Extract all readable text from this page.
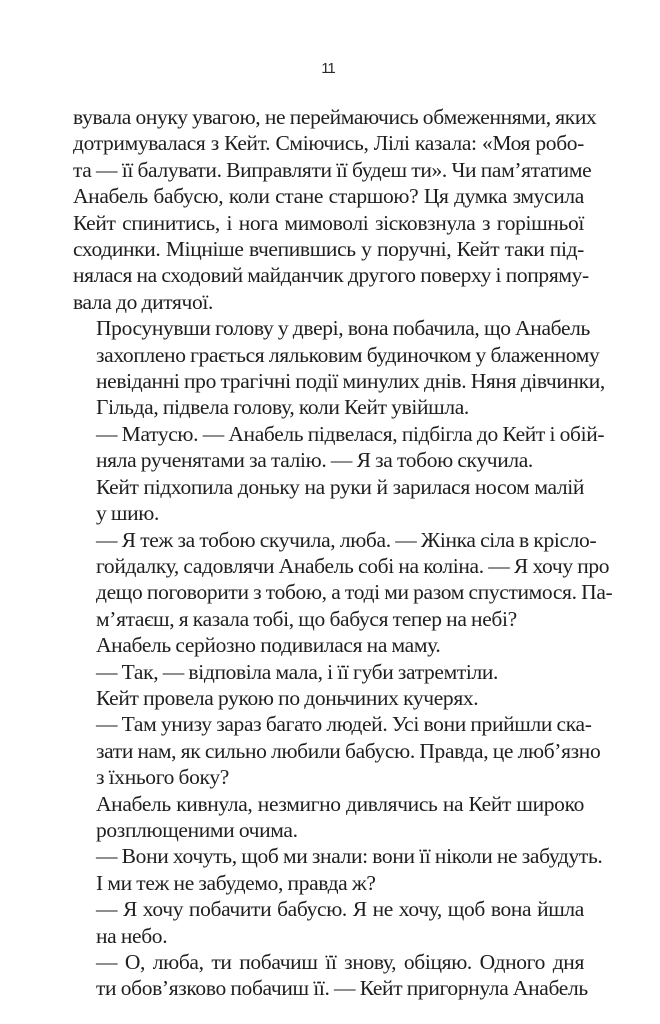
11

вувала онуку увагою, не переймаючись обмеженнями, яких
дотримувалася з Кейт. Сміючись, Лілі казала: «Моя робо-
та — її балувати. Виправляти її будеш ти». Чи пам’ятатиме
Анабель бабусю, коли стане старшою? Ця думка змусила
Кейт спинитись, і нога мимоволі зісковзнула з горішньої
сходинки. Міцніше вчепившись у поручні, Кейт таки під-
нялася на сходовий майданчик другого поверху і попряму-
вала до дитячої.

Просунувши голову у двері, вона побачила, що Анабель
захоплено грається ляльковим будиночком у блаженному
невіданні про трагічні події минулих днів. Няня дівчинки,
Гільда, підвела голову, коли Кейт увійшла.

— Матусю. — Анабель підвелася, підбігла до Кейт і обій-
няла рученятами за талію. — Я за тобою скучила.

Кейт підхопила доньку на руки й зарилася носом малій
у шию.

— Я теж за тобою скучила, люба. — Жінка сіла в крісло-
гойдалку, садовлячи Анабель собі на коліна. — Я хочу про
дещо поговорити з тобою, а тоді ми разом спустимося. Па-
м’ятаєш, я казала тобі, що бабуся тепер на небі?

Анабель серйозно подивилася на маму.

— Так, — відповіла мала, і її губи затремтіли.

Кейт провела рукою по доньчиних кучерях.

— Там унизу зараз багато людей. Усі вони прийшли ска-
зати нам, як сильно любили бабусю. Правда, це люб’язно
з їхнього боку?

Анабель кивнула, незмигно дивлячись на Кейт широко
розплющеними очима.

— Вони хочуть, щоб ми знали: вони її ніколи не забудуть.
І ми теж не забудемо, правда ж?

— Я хочу побачити бабусю. Я не хочу, щоб вона йшла
на небо.

— О, люба, ти побачиш її знову, обіцяю. Одного дня
ти обов’язково побачиш її. — Кейт пригорнула Анабель
